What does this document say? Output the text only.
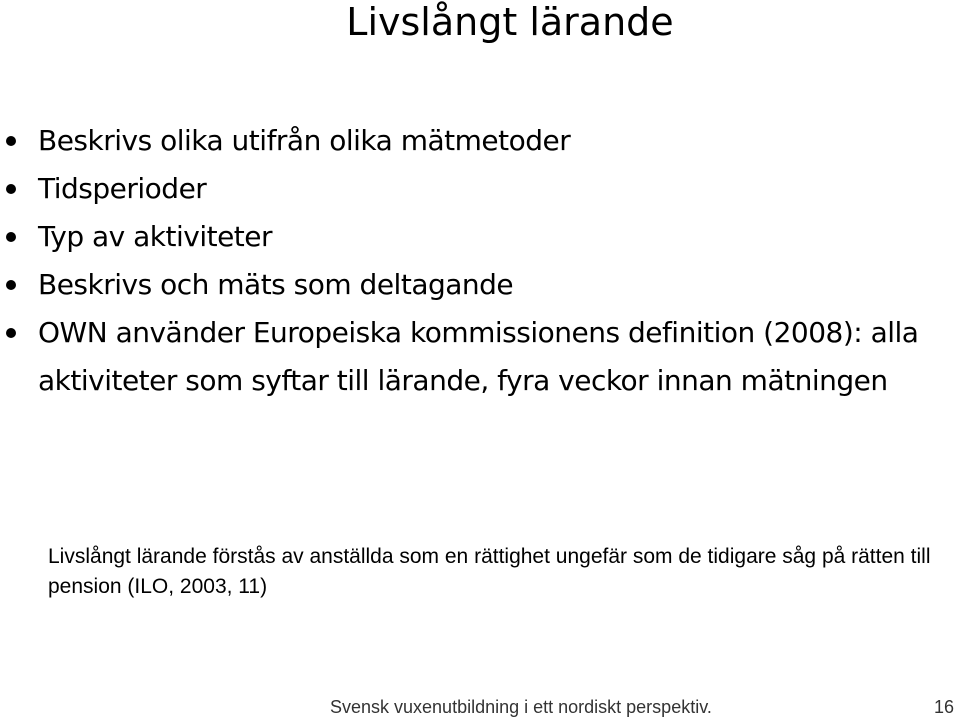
Livslångt lärande
Beskrivs olika utifrån olika mätmetoder
Tidsperioder
Typ av aktiviteter
Beskrivs och mäts som deltagande
OWN använder Europeiska kommissionens definition (2008): alla aktiviteter som syftar till lärande, fyra veckor innan mätningen

Livslångt lärande förstås av anställda som en rättighet ungefär som de tidigare såg på rätten till pension (ILO, 2003, 11)

Svensk vuxenutbildning i ett nordiskt perspektiv.	16
